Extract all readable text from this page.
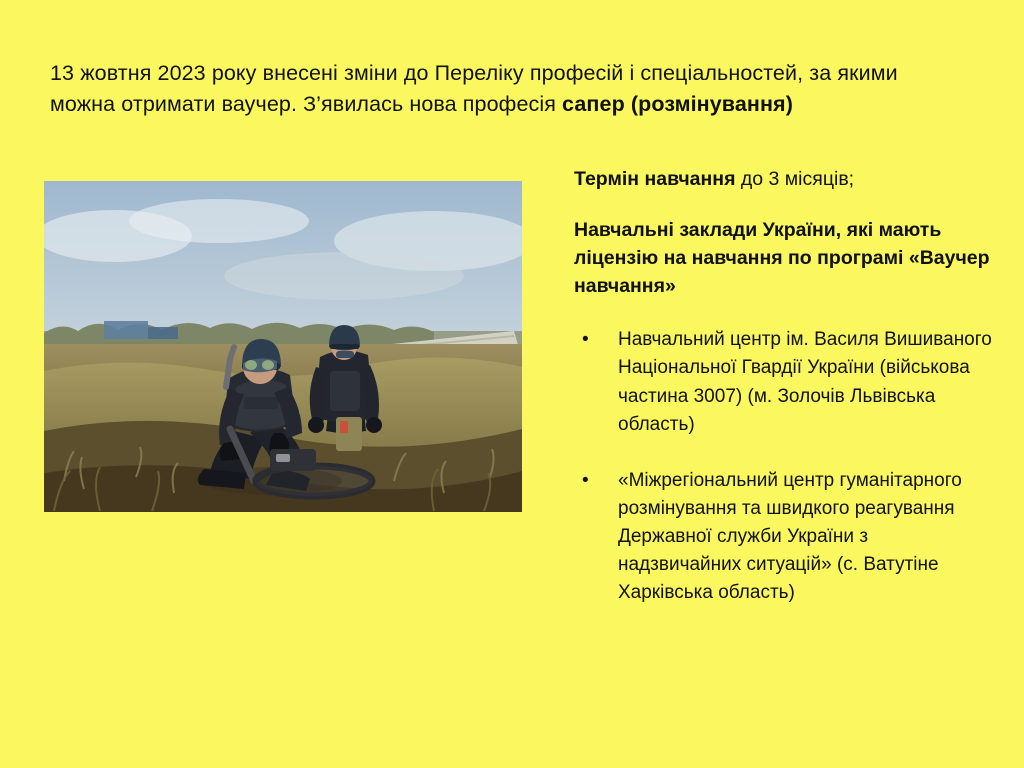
13 жовтня 2023 року внесені зміни до Переліку професій і спеціальностей, за якими можна отримати ваучер. З’явилась нова професія сапер (розмінування)
Термін навчання до 3 місяців;
Навчальні заклади України, які мають ліцензію на навчання по програмі «Ваучер навчання»
• Навчальний центр ім. Василя Вишиваного Національної Гвардії України (військова частина 3007) (м. Золочів Львівська область)
• «Міжрегіональний центр гуманітарного розмінування та швидкого реагування Державної служби України з надзвичайних ситуацій» (с. Ватутіне Харківська область)
